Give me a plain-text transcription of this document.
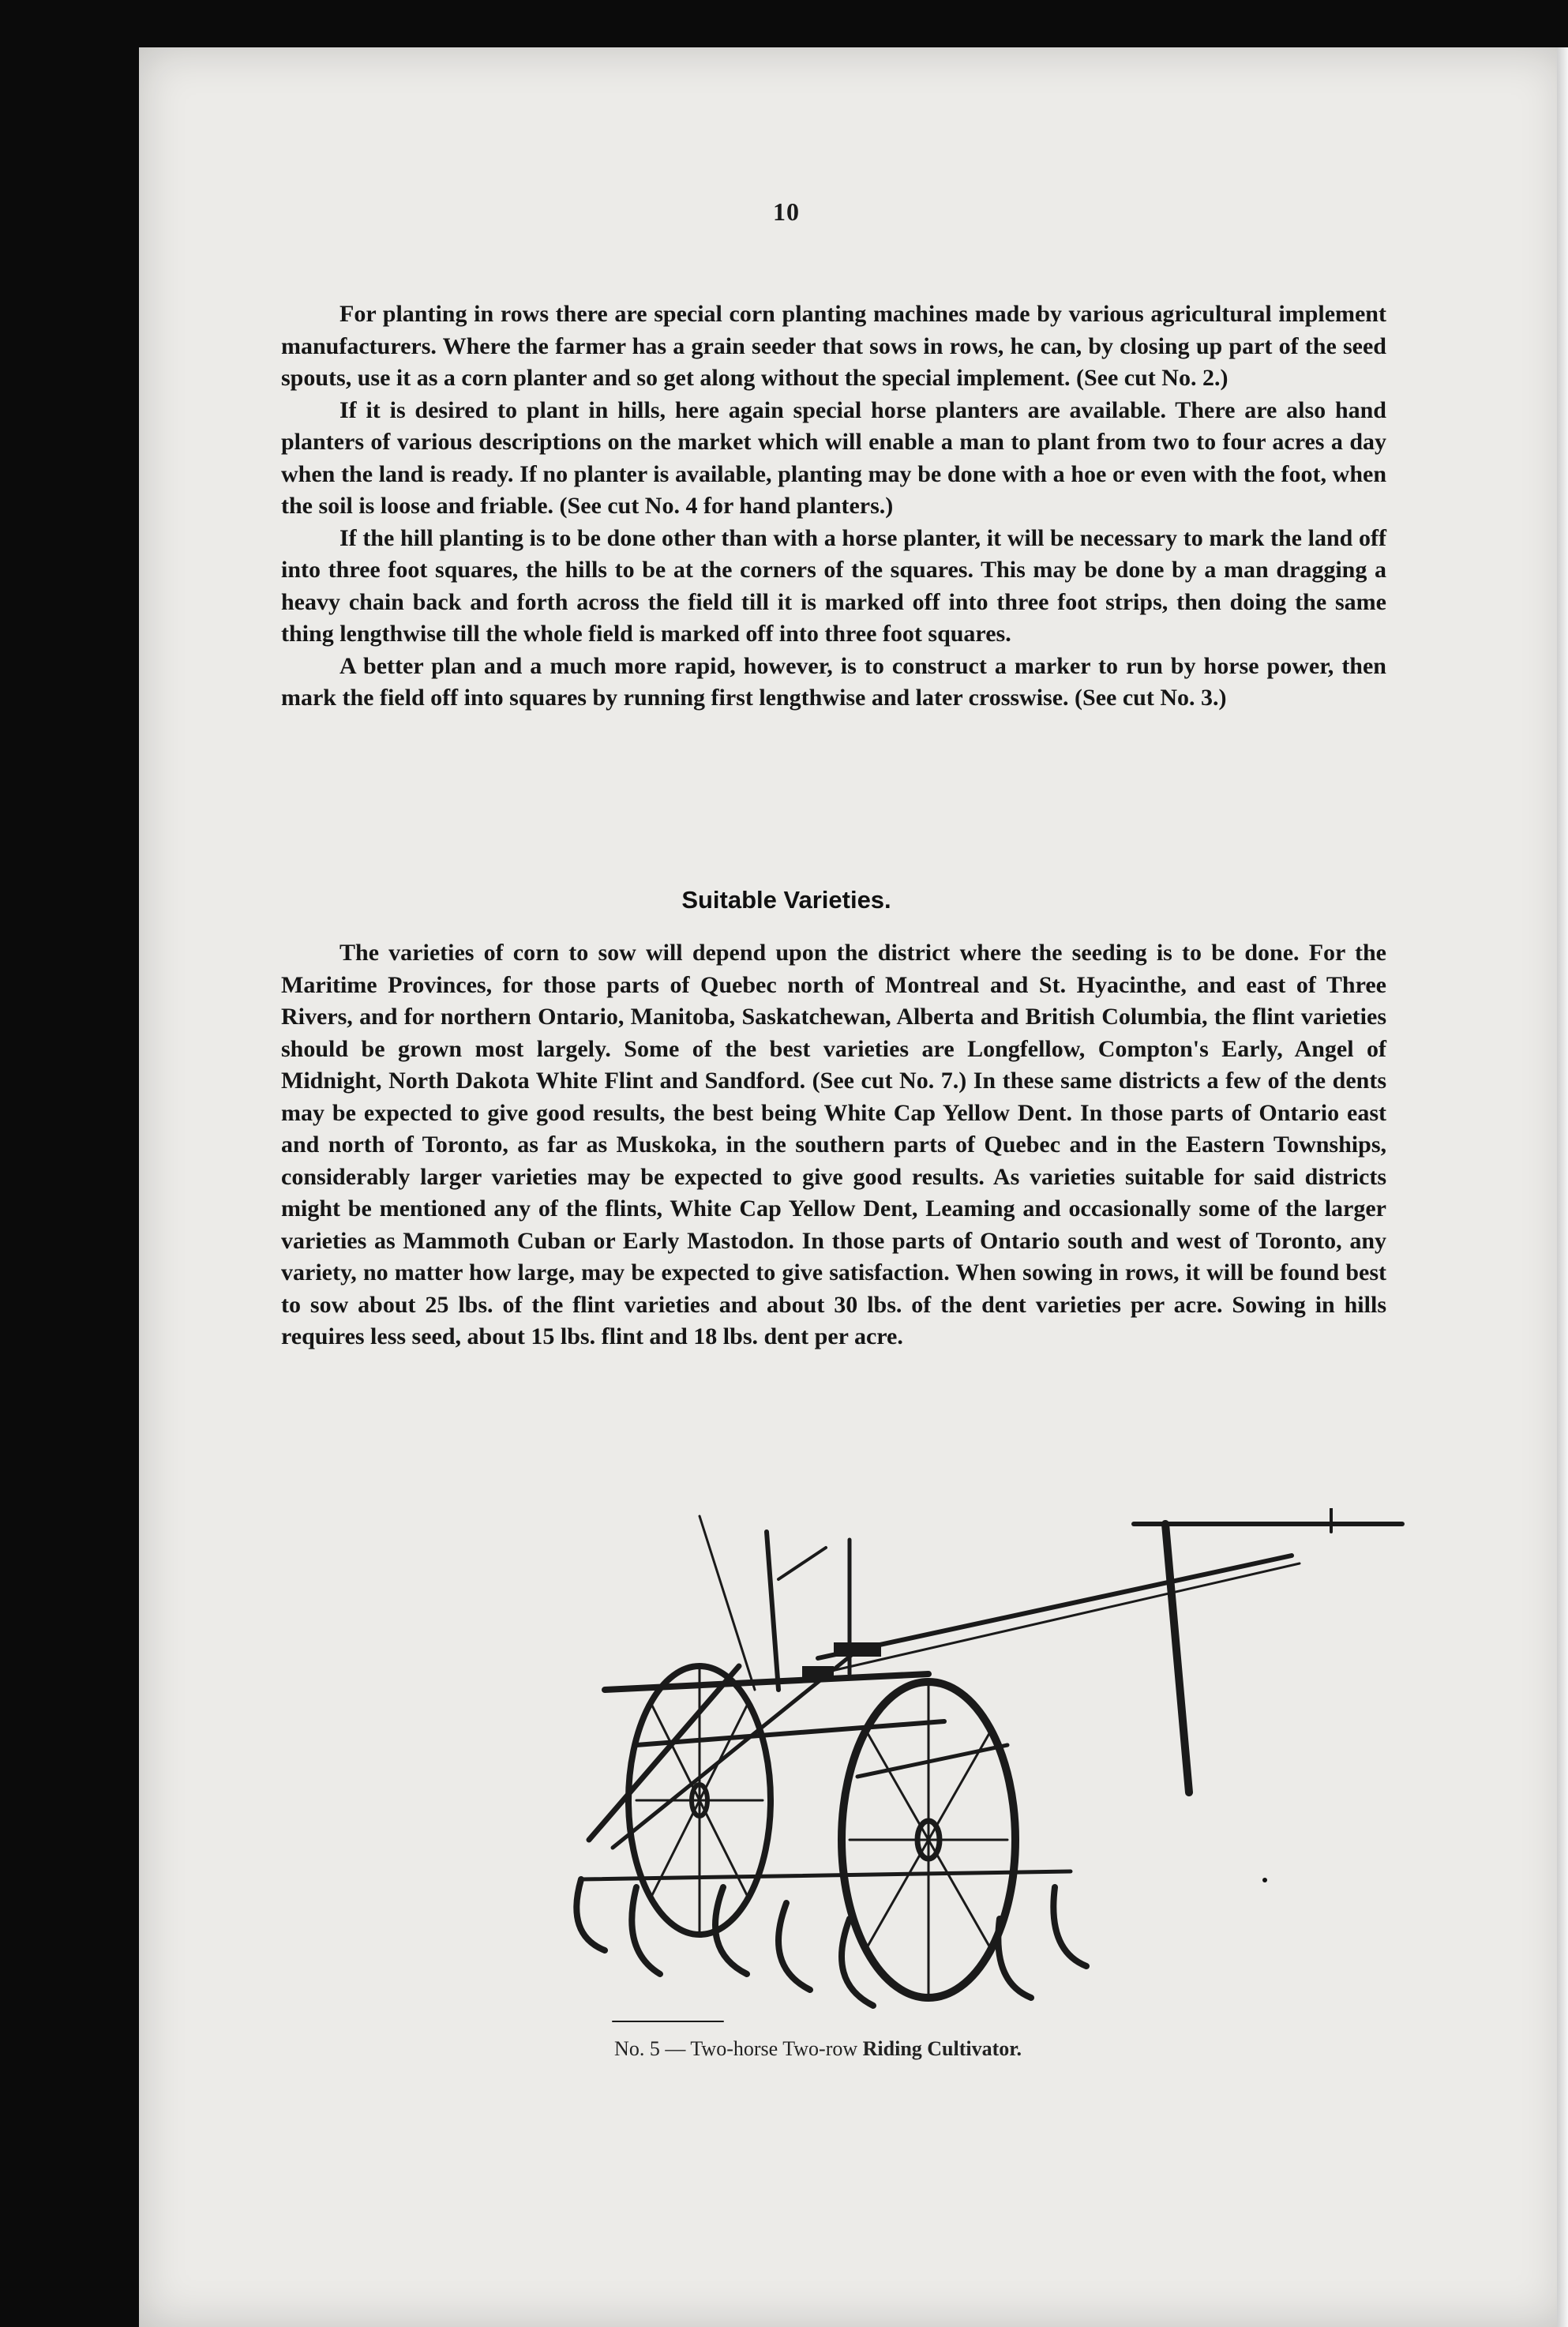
10

For planting in rows there are special corn planting machines made by various agricultural implement manufacturers. Where the farmer has a grain seeder that sows in rows, he can, by closing up part of the seed spouts, use it as a corn planter and so get along without the special implement. (See cut No. 2.)

If it is desired to plant in hills, here again special horse planters are available. There are also hand planters of various descriptions on the market which will enable a man to plant from two to four acres a day when the land is ready. If no planter is available, planting may be done with a hoe or even with the foot, when the soil is loose and friable. (See cut No. 4 for hand planters.)

If the hill planting is to be done other than with a horse planter, it will be necessary to mark the land off into three foot squares, the hills to be at the corners of the squares. This may be done by a man dragging a heavy chain back and forth across the field till it is marked off into three foot strips, then doing the same thing lengthwise till the whole field is marked off into three foot squares.

A better plan and a much more rapid, however, is to construct a marker to run by horse power, then mark the field off into squares by running first lengthwise and later crosswise. (See cut No. 3.)

Suitable Varieties.

The varieties of corn to sow will depend upon the district where the seeding is to be done. For the Maritime Provinces, for those parts of Quebec north of Montreal and St. Hyacinthe, and east of Three Rivers, and for northern Ontario, Manitoba, Saskatchewan, Alberta and British Columbia, the flint varieties should be grown most largely. Some of the best varieties are Longfellow, Compton's Early, Angel of Midnight, North Dakota White Flint and Sandford. (See cut No. 7.) In these same districts a few of the dents may be expected to give good results, the best being White Cap Yellow Dent. In those parts of Ontario east and north of Toronto, as far as Muskoka, in the southern parts of Quebec and in the Eastern Townships, considerably larger varieties may be expected to give good results. As varieties suitable for said districts might be mentioned any of the flints, White Cap Yellow Dent, Leaming and occasionally some of the larger varieties as Mammoth Cuban or Early Mastodon. In those parts of Ontario south and west of Toronto, any variety, no matter how large, may be expected to give satisfaction. When sowing in rows, it will be found best to sow about 25 lbs. of the flint varieties and about 30 lbs. of the dent varieties per acre. Sowing in hills requires less seed, about 15 lbs. flint and 18 lbs. dent per acre.

No. 5 — Two-horse Two-row Riding Cultivator.
